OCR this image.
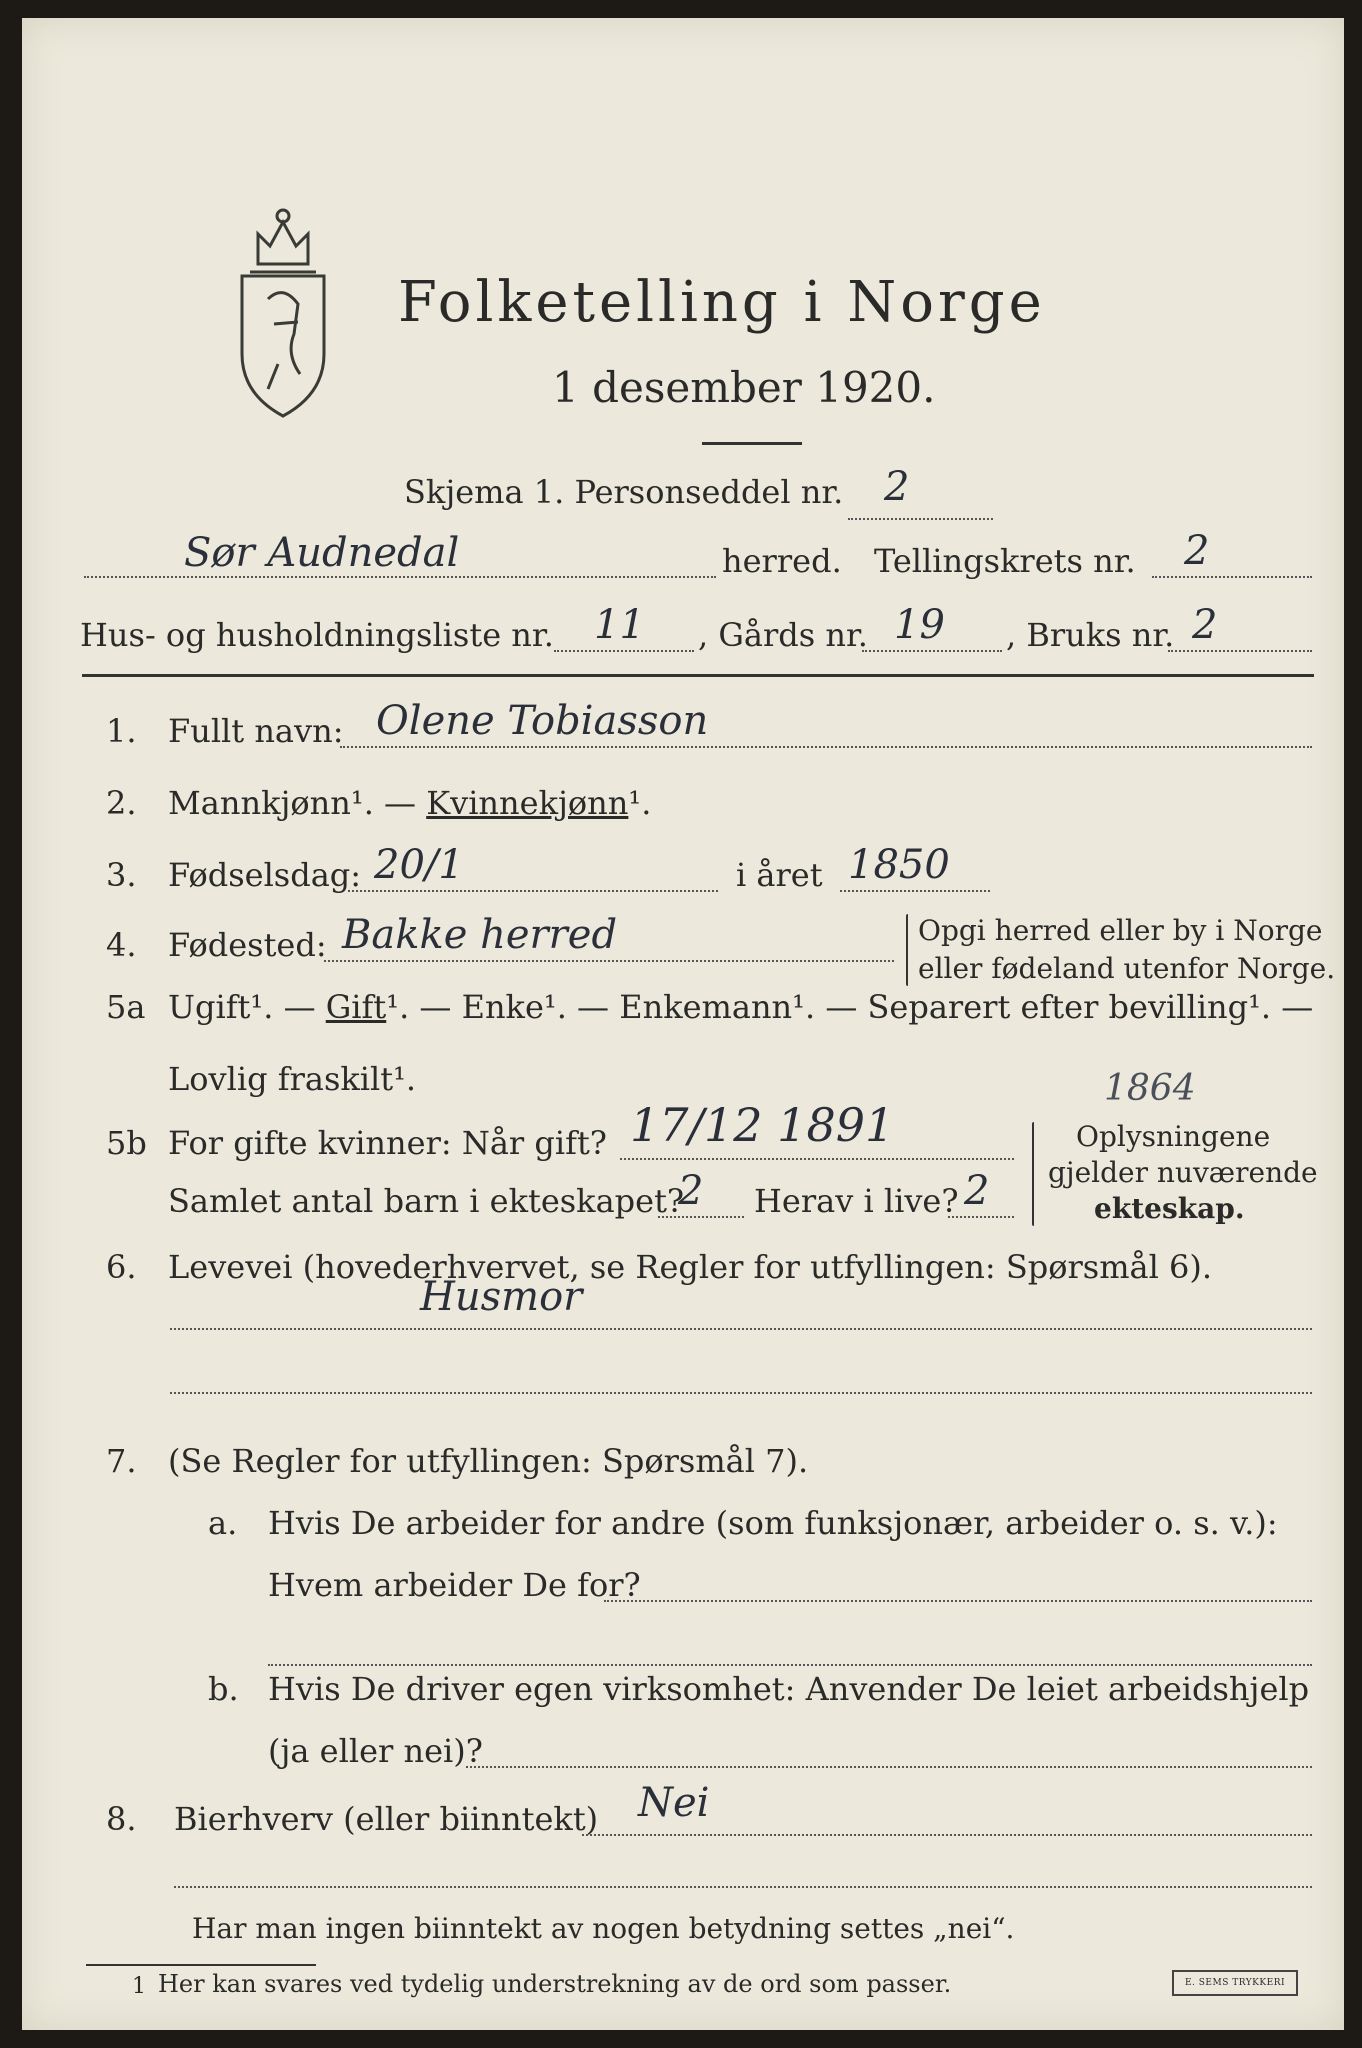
Folketelling i Norge
1 desember 1920.
Skjema 1. Personseddel nr. 2
Sør Audnedal	herred. Tellingskrets nr. 2
Hus- og husholdningsliste nr. 11 , Gårds nr. 19 , Bruks nr. 2
1. Fullt navn: Olene Tobiasson
2. Mannkjønn¹. — Kvinnekjønn¹.
3. Fødselsdag: 20/1	i året 1850
4. Fødested: Bakke herred	Opgi herred eller by i Norge
eller fødeland utenfor Norge.
5a Ugift¹. — Gift¹. — Enke¹. — Enkemann¹. — Separert efter bevilling¹. —
Lovlig fraskilt¹.
5b For gifte kvinner: Når gift? 17/12 1891
1864
Samlet antal barn i ekteskapet?
2 Herav i live? 2
Oplysningene
gjelder nuværende
ekteskap.
6. Levevei (hovederhvervet, se Regler for utfyllingen: Spørsmål 6).
Husmor
7. (Se Regler for utfyllingen: Spørsmål 7).
a. Hvis De arbeider for andre (som funksjonær, arbeider o. s. v.):
Hvem arbeider De for?
b. Hvis De driver egen virksomhet: Anvender De leiet arbeidshjelp
(ja eller nei)?
8. Bierhverv (eller biinntekt) Nei
Har man ingen biinntekt av nogen betydning settes „nei“.
1 Her kan svares ved tydelig understrekning av de ord som passer.	E. SEMS TRYKKERI
